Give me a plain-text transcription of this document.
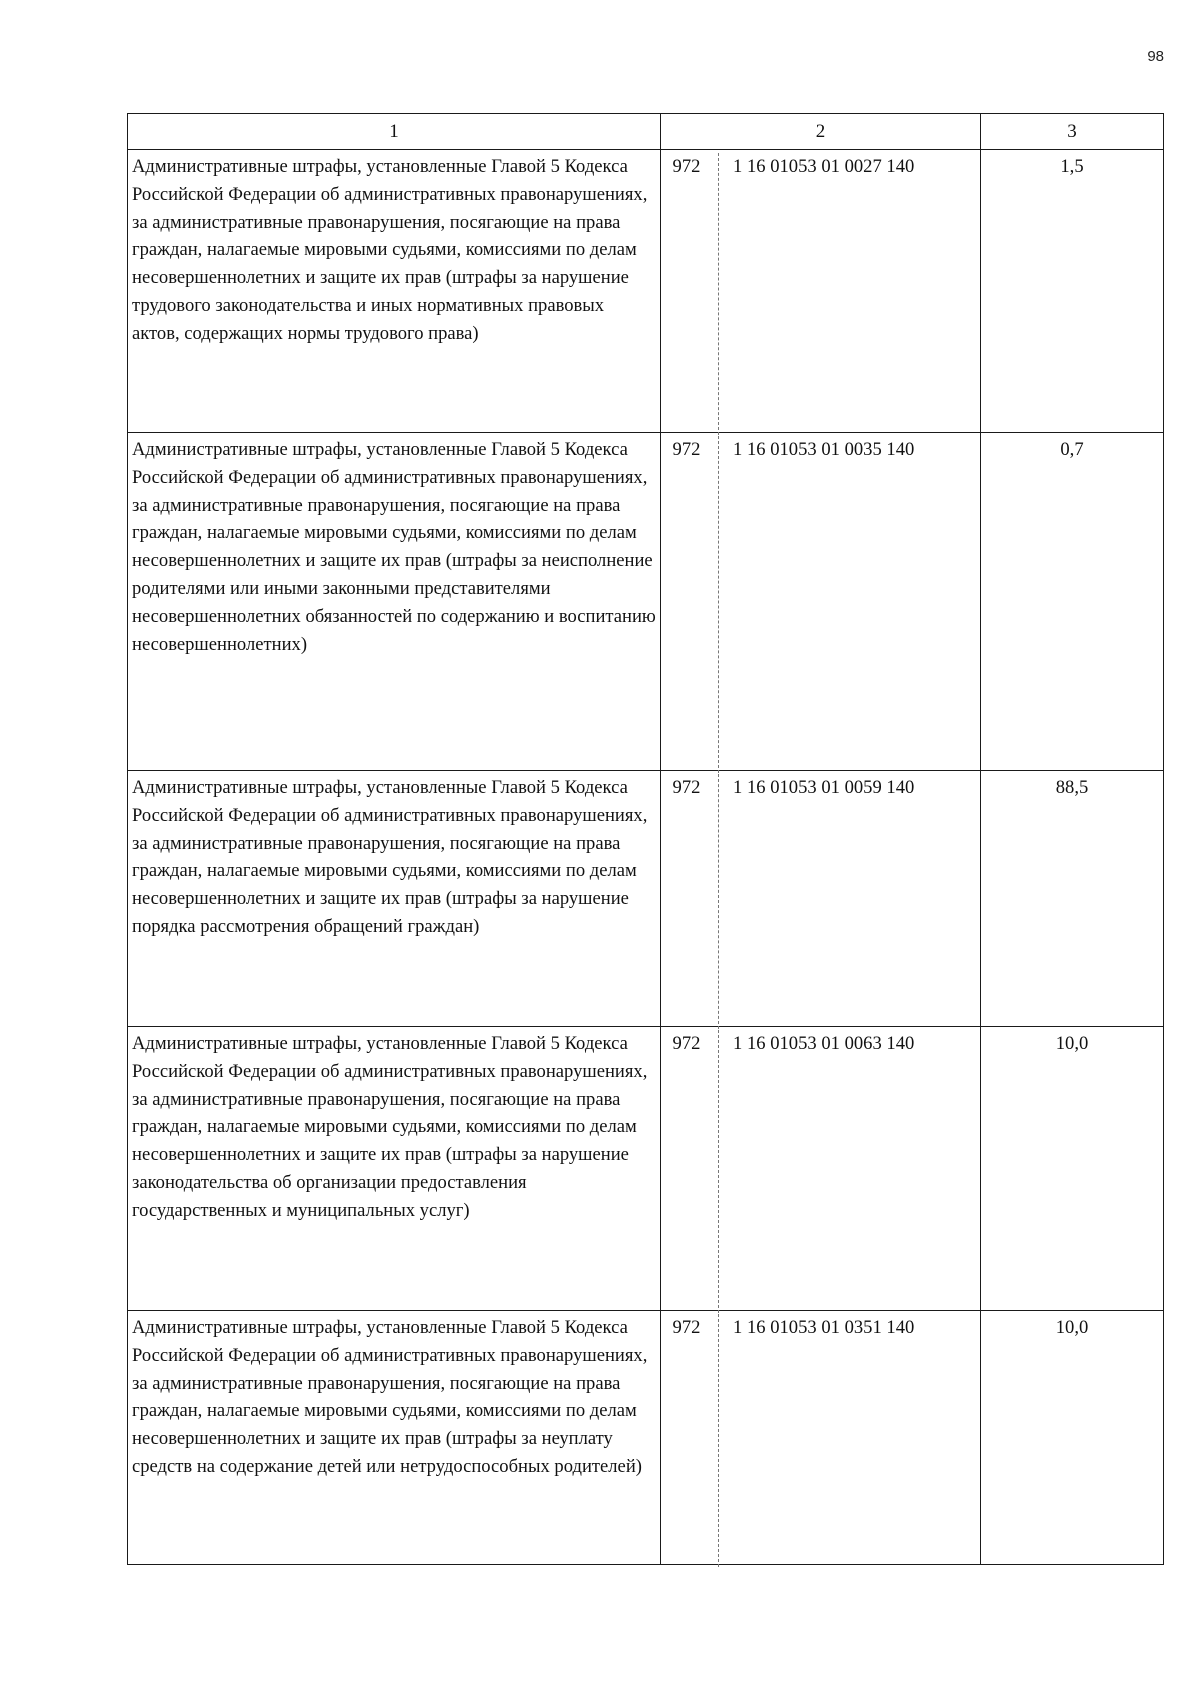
98
1	2	3

Административные штрафы, установленные Главой 5 Кодекса Российской Федерации об административных правонарушениях, за административные правонарушения, посягающие на права граждан, налагаемые мировыми судьями, комиссиями по делам несовершеннолетних и защите их прав (штрафы за нарушение трудового законодательства и иных нормативных правовых актов, содержащих нормы трудового права)	972 1 16 01053 01 0027 140	1,5

Административные штрафы, установленные Главой 5 Кодекса Российской Федерации об административных правонарушениях, за административные правонарушения, посягающие на права граждан, налагаемые мировыми судьями, комиссиями по делам несовершеннолетних и защите их прав (штрафы за неисполнение родителями или иными законными представителями несовершеннолетних обязанностей по содержанию и воспитанию несовершеннолетних)	972 1 16 01053 01 0035 140	0,7

Административные штрафы, установленные Главой 5 Кодекса Российской Федерации об административных правонарушениях, за административные правонарушения, посягающие на права граждан, налагаемые мировыми судьями, комиссиями по делам несовершеннолетних и защите их прав (штрафы за нарушение порядка рассмотрения обращений граждан)	972 1 16 01053 01 0059 140	88,5

Административные штрафы, установленные Главой 5 Кодекса Российской Федерации об административных правонарушениях, за административные правонарушения, посягающие на права граждан, налагаемые мировыми судьями, комиссиями по делам несовершеннолетних и защите их прав (штрафы за нарушение законодательства об организации предоставления государственных и муниципальных услуг)	972 1 16 01053 01 0063 140	10,0

Административные штрафы, установленные Главой 5 Кодекса Российской Федерации об административных правонарушениях, за административные правонарушения, посягающие на права граждан, налагаемые мировыми судьями, комиссиями по делам несовершеннолетних и защите их прав (штрафы за неуплату средств на содержание детей или нетрудоспособных родителей)	972 1 16 01053 01 0351 140	10,0
